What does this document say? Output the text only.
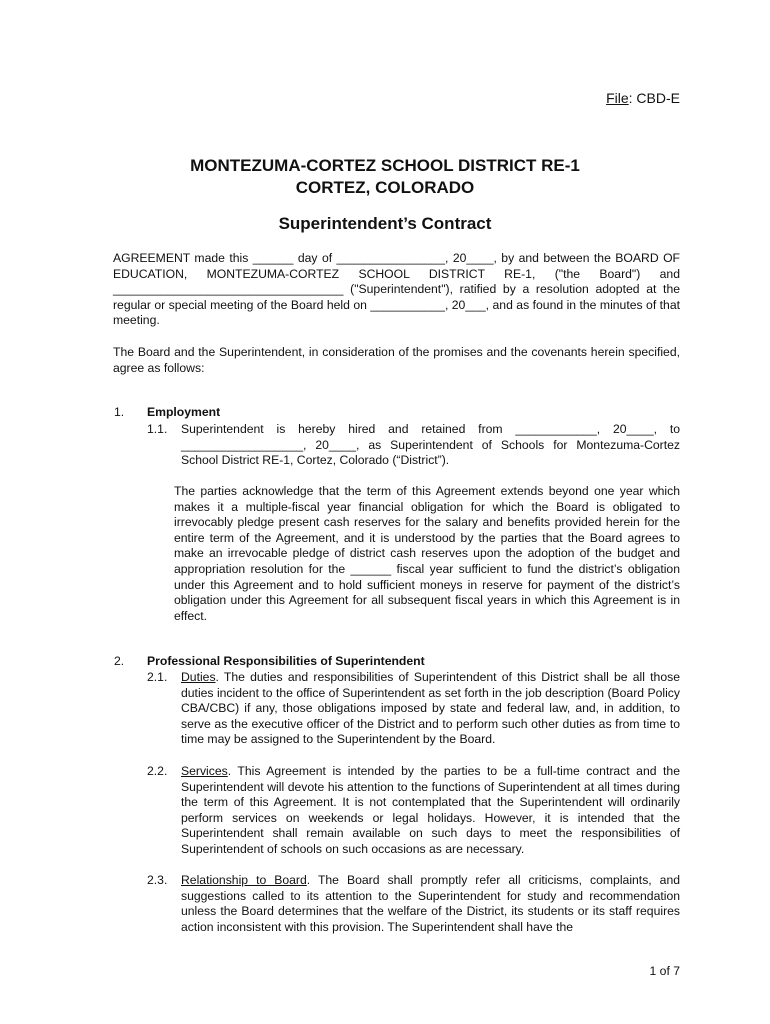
File: CBD-E
MONTEZUMA-CORTEZ SCHOOL DISTRICT RE-1
CORTEZ, COLORADO
Superintendent’s Contract

AGREEMENT made this ______ day of ________________, 20____, by and between the BOARD OF EDUCATION, MONTEZUMA-CORTEZ SCHOOL DISTRICT RE-1, ("the Board") and __________________________________ ("Superintendent"), ratified by a resolution adopted at the regular or special meeting of the Board held on ___________, 20___, and as found in the minutes of that meeting.

The Board and the Superintendent, in consideration of the promises and the covenants herein specified, agree as follows:

1. Employment
1.1. Superintendent is hereby hired and retained from ____________, 20____, to __________________, 20____, as Superintendent of Schools for Montezuma-Cortez School District RE-1, Cortez, Colorado (“District”).

The parties acknowledge that the term of this Agreement extends beyond one year which makes it a multiple-fiscal year financial obligation for which the Board is obligated to irrevocably pledge present cash reserves for the salary and benefits provided herein for the entire term of the Agreement, and it is understood by the parties that the Board agrees to make an irrevocable pledge of district cash reserves upon the adoption of the budget and appropriation resolution for the ______ fiscal year sufficient to fund the district’s obligation under this Agreement and to hold sufficient moneys in reserve for payment of the district’s obligation under this Agreement for all subsequent fiscal years in which this Agreement is in effect.

2. Professional Responsibilities of Superintendent
2.1. Duties. The duties and responsibilities of Superintendent of this District shall be all those duties incident to the office of Superintendent as set forth in the job description (Board Policy CBA/CBC) if any, those obligations imposed by state and federal law, and, in addition, to serve as the executive officer of the District and to perform such other duties as from time to time may be assigned to the Superintendent by the Board.

2.2. Services. This Agreement is intended by the parties to be a full-time contract and the Superintendent will devote his attention to the functions of Superintendent at all times during the term of this Agreement. It is not contemplated that the Superintendent will ordinarily perform services on weekends or legal holidays. However, it is intended that the Superintendent shall remain available on such days to meet the responsibilities of Superintendent of schools on such occasions as are necessary.

2.3. Relationship to Board. The Board shall promptly refer all criticisms, complaints, and suggestions called to its attention to the Superintendent for study and recommendation unless the Board determines that the welfare of the District, its students or its staff requires action inconsistent with this provision. The Superintendent shall have the

1 of 7
